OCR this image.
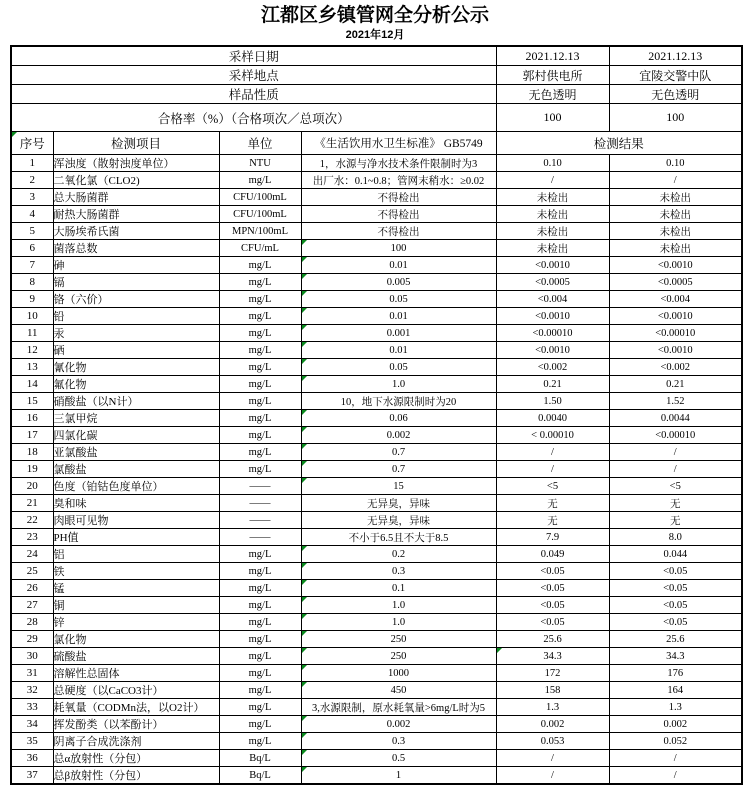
江都区乡镇管网全分析公示
2021年12月
采样日期				2021.12.13	2021.12.13
采样地点				郭村供电所	宜陵交警中队
样品性质				无色透明	无色透明
合格率（%）（合格项次／总项次）				100	100
序号	检测项目	单位	《生活饮用水卫生标准》 GB5749	检测结果	
1	浑浊度（散射浊度单位）	NTU	1，水源与净水技术条件限制时为3	0.10	0.10
2	二氧化氯（CLO2)	mg/L	出厂水：0.1~0.8；管网末稍水：≥0.02	/	/
3	总大肠菌群	CFU/100mL	不得检出	未检出	未检出
4	耐热大肠菌群	CFU/100mL	不得检出	未检出	未检出
5	大肠埃希氏菌	MPN/100mL	不得检出	未检出	未检出
6	菌落总数	CFU/mL	100	未检出	未检出
7	砷	mg/L	0.01	<0.0010	<0.0010
8	镉	mg/L	0.005	<0.0005	<0.0005
9	铬（六价）	mg/L	0.05	<0.004	<0.004
10	铅	mg/L	0.01	<0.0010	<0.0010
11	汞	mg/L	0.001	<0.00010	<0.00010
12	硒	mg/L	0.01	<0.0010	<0.0010
13	氰化物	mg/L	0.05	<0.002	<0.002
14	氟化物	mg/L	1.0	0.21	0.21
15	硝酸盐（以N计）	mg/L	10，地下水源限制时为20	1.50	1.52
16	三氯甲烷	mg/L	0.06	0.0040	0.0044
17	四氯化碳	mg/L	0.002	< 0.00010	<0.00010
18	亚氯酸盐	mg/L	0.7	/	/
19	氯酸盐	mg/L	0.7	/	/
20	色度（铂钴色度单位）	——	15	<5	<5
21	臭和味	——	无异臭，异味	无	无
22	肉眼可见物	——	无异臭，异味	无	无
23	PH值	——	不小于6.5且不大于8.5	7.9	8.0
24	铝	mg/L	0.2	0.049	0.044
25	铁	mg/L	0.3	<0.05	<0.05
26	锰	mg/L	0.1	<0.05	<0.05
27	铜	mg/L	1.0	<0.05	<0.05
28	锌	mg/L	1.0	<0.05	<0.05
29	氯化物	mg/L	250	25.6	25.6
30	硫酸盐	mg/L	250	34.3	34.3
31	溶解性总固体	mg/L	1000	172	176
32	总硬度（以CaCO3计）	mg/L	450	158	164
33	耗氧量（CODMn法，以O2计）	mg/L	3,水源限制，原水耗氧量>6mg/L时为5	1.3	1.3
34	挥发酚类（以苯酚计）	mg/L	0.002	0.002	0.002
35	阴离子合成洗涤剂	mg/L	0.3	0.053	0.052
36	总α放射性（分包）	Bq/L	0.5	/	/
37	总β放射性（分包）	Bq/L	1	/	/
